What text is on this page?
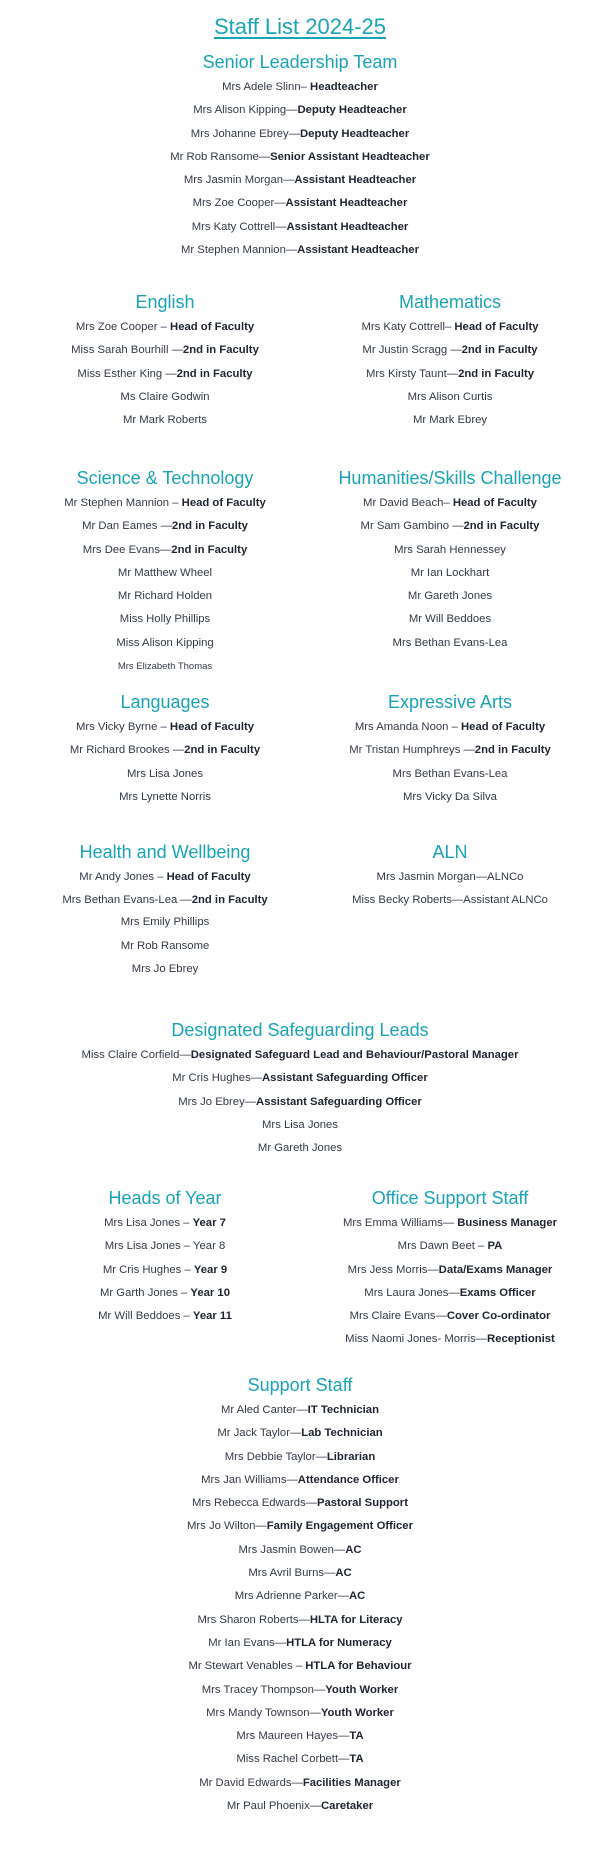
Staff List 2024-25
Senior Leadership Team
Mrs Adele Slinn– Headteacher
Mrs Alison Kipping—Deputy Headteacher
Mrs Johanne Ebrey—Deputy Headteacher
Mr Rob Ransome—Senior Assistant Headteacher
Mrs Jasmin Morgan—Assistant Headteacher
Mrs Zoe Cooper—Assistant Headteacher
Mrs Katy Cottrell—Assistant Headteacher
Mr Stephen Mannion—Assistant Headteacher
English
Mrs Zoe Cooper – Head of Faculty
Miss Sarah Bourhill —2nd in Faculty
Miss Esther King —2nd in Faculty
Ms Claire Godwin
Mr Mark Roberts
Mathematics
Mrs Katy Cottrell– Head of Faculty
Mr Justin Scragg —2nd in Faculty
Mrs Kirsty Taunt—2nd in Faculty
Mrs Alison Curtis
Mr Mark Ebrey
Science & Technology
Mr Stephen Mannion – Head of Faculty
Mr Dan Eames —2nd in Faculty
Mrs Dee Evans—2nd in Faculty
Mr Matthew Wheel
Mr Richard Holden
Miss Holly Phillips
Miss Alison Kipping
Mrs Elizabeth Thomas
Humanities/Skills Challenge
Mr David Beach– Head of Faculty
Mr Sam Gambino —2nd in Faculty
Mrs Sarah Hennessey
Mr Ian Lockhart
Mr Gareth Jones
Mr Will Beddoes
Mrs Bethan Evans-Lea
Languages
Mrs Vicky Byrne – Head of Faculty
Mr Richard Brookes —2nd in Faculty
Mrs Lisa Jones
Mrs Lynette Norris
Expressive Arts
Mrs Amanda Noon – Head of Faculty
Mr Tristan Humphreys —2nd in Faculty
Mrs Bethan Evans-Lea
Mrs Vicky Da Silva
Health and Wellbeing
Mr Andy Jones – Head of Faculty
Mrs Bethan Evans-Lea —2nd in Faculty
Mrs Emily Phillips
Mr Rob Ransome
Mrs Jo Ebrey
ALN
Mrs Jasmin Morgan—ALNCo
Miss Becky Roberts—Assistant ALNCo
Designated Safeguarding Leads
Miss Claire Corfield—Designated Safeguard Lead and Behaviour/Pastoral Manager
Mr Cris Hughes—Assistant Safeguarding Officer
Mrs Jo Ebrey—Assistant Safeguarding Officer
Mrs Lisa Jones
Mr Gareth Jones
Heads of Year
Mrs Lisa Jones – Year 7
Mrs Lisa Jones – Year 8
Mr Cris Hughes – Year 9
Mr Garth Jones – Year 10
Mr Will Beddoes – Year 11
Office Support Staff
Mrs Emma Williams— Business Manager
Mrs Dawn Beet – PA
Mrs Jess Morris—Data/Exams Manager
Mrs Laura Jones—Exams Officer
Mrs Claire Evans—Cover Co-ordinator
Miss Naomi Jones- Morris—Receptionist
Support Staff
Mr Aled Canter—IT Technician
Mr Jack Taylor—Lab Technician
Mrs Debbie Taylor—Librarian
Mrs Jan Williams—Attendance Officer
Mrs Rebecca Edwards—Pastoral Support
Mrs Jo Wilton—Family Engagement Officer
Mrs Jasmin Bowen—AC
Mrs Avril Burns—AC
Mrs Adrienne Parker—AC
Mrs Sharon Roberts—HLTA for Literacy
Mr Ian Evans—HTLA for Numeracy
Mr Stewart Venables – HTLA for Behaviour
Mrs Tracey Thompson—Youth Worker
Mrs Mandy Townson—Youth Worker
Mrs Maureen Hayes—TA
Miss Rachel Corbett—TA
Mr David Edwards—Facilities Manager
Mr Paul Phoenix—Caretaker
